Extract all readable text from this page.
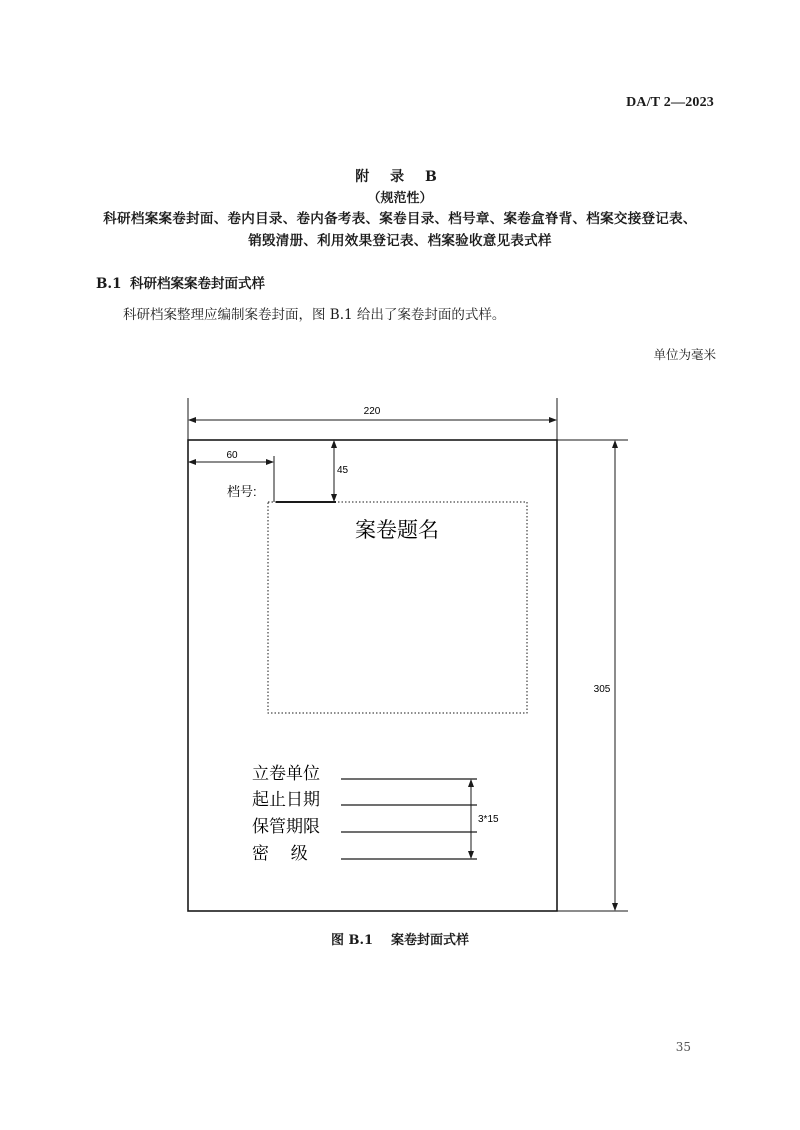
DA/T 2—2023
附 录 B
（规范性）
科研档案案卷封面、卷内目录、卷内备考表、案卷目录、档号章、案卷盒脊背、档案交接登记表、
销毁清册、利用效果登记表、档案验收意见表式样
B.1 科研档案案卷封面式样
科研档案整理应编制案卷封面，图 B.1 给出了案卷封面的式样。
单位为毫米
220
305
60
45
档号:
案卷题名
立卷单位
起止日期
保管期限
密　 级
3*15
图 B.1 案卷封面式样
35
